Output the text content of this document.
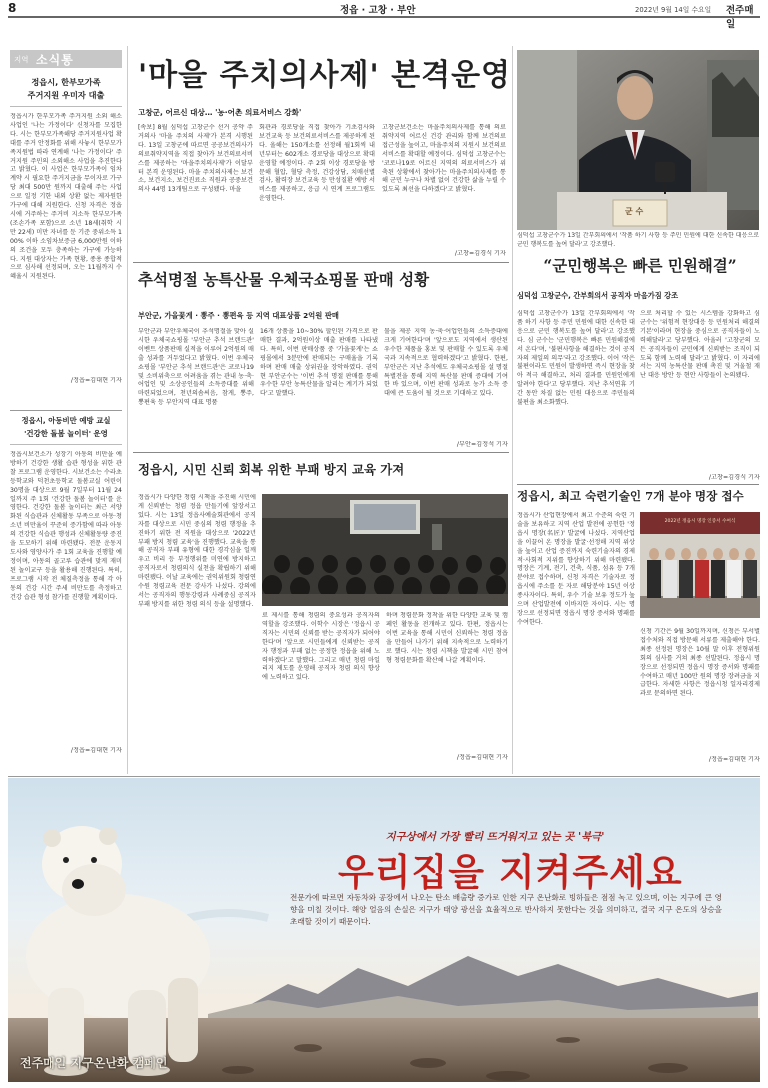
8	정읍 · 고창 · 부안	2022년 9월 14일 수요일 전주매일
지역 소식통
정읍시, 한부모가족
주거지원 우미자 대출
정읍시가 한부모가족 주거지원 소외 해소사업인 '나는 가정이다' 신청자를 모집한다. 시는 한부모가족해당 주거지원사업 확대를 주거 안정화를 위해 사놓시 한부모가족지원법 따라 연계해 '나는 가정이다' 주거지원 주민의 소외해소 사업을 추진한다고 밝혔다. 이 사업은 한부모가족이 임차계약 시 필요한 주거지금을 무이자로 가구당 최대 500만 원까지 대출해 주는 사업으로 일정 기한 내외 상환 없는 제자원한 가구에 대해 지원한다. 신청 자격은 정읍시에 거주하는 주거비 지소득 한부모가족(조손가족 포함)으로 소년 18세(취학 시 만 22세) 미만 자녀를 둔 기준 중위소득 100% 이하 소임차보증금 6,000만원 이하의 조건을 모두 충족하는 가구에 가능하다. 지원 대상자는 가족 현황, 종용 종합적으로 심사해 선정되며, 오는 11월까지 수혜율시 지원된다.
/정읍=김대현 기자
정읍시, 아동비만 예방 교실
'건강한 돌봄 놀이터' 운영
정읍시보건소가 성장기 아동의 비만을 예방하기 건강한 생활 습관 형성을 위한 관찰 프로그램 운영한다. 시보건소는 수라초등학교와 덕천초등학교 돌봄교실 어린이 30명을 대상으로 9월 7일부터 11월 24일까지 주 1회 '건강한 돌봄 놀이터'를 운영한다. 건강한 돌봄 놀이터는 최근 서양화된 식습관과 신체활동 부족으로 아동·청소년 비만율이 꾸준히 증가함에 따라 아동의 건강한 식습관 행성과 신체활동량 증진을 도모하기 위해 마련됐다. 전문 운동지도사와 영양사가 주 1회 교육을 진행할 예정이며, 아동의 골고루 습관에 맞게 재미된 놀이교구 등을 활용해 진행된다. 특히, 프로그램 시작 전 체질측정을 통해 각 아동의 건강 시간 주세 비만도를 측정하고 건강 습관 형성 참가를 진행할 계획이다.
/정읍=김대현 기자
'마을 주치의사제' 본격운영
고창군, 어르신 대상… '농·어촌 의료서비스 강화'
[속보] 8월 심덕섭 고창군수 선거 공약 주거의사 '마을 주치의 사제'가 본격 시행된다. 13일 고창군에 따르면 공공보건의사가 의료취약지역을 직접 찾아가 보건의료서비스를 제공하는 '마을주치의사제'가 이달부터 본격 운영된다. 마을 주치의사제는 보건소, 보건지소, 보건진료소 직원과 공중보건의사 44명 13개팀으로 구성됐다. 마을
회관과 경로당을 직접 찾아가 기초검사와 보건교육 등 보건의료서비스를 제공하게 된다. 올해는 150개소를 선정해 월1회씩 내년부터는 602개소 경로당을 대상으로 확대 운영할 예정이다. 주 2회 이상 경로당을 방문해 혈압, 혈당 측정, 건강상담, 치매선별검사, 활력장 보건교육 등 만성질환 예방 서비스를 제공하고, 응급 시 연계 프로그램도 운영한다.
고창군보건소는 마을주치의사제를 통해 의료 취약지역 어르신 건강 관리와 함께 보건의료 접근성을 높이고, 마을주치의 지원시 보건의료 서비스를 확대할 예정이다. 심덕섭 고창군수는 '코로나19로 어르신 지역의 의료서비스가 위축된 상황에서 찾아가는 마을주치의사제를 통해 군민 누구나 차별 없이 건강한 삶을 누릴 수 있도록 최선을 다하겠다'고 밝혔다.
/고창=김경식 기자
군 수
심덕섭 고창군수가 13일 간부회의에서 '작품 하기 사항 등 주민 민원에 대한 신속한 대응으로 군민 행복도를 높여 달라'고 강조했다.
추석명절 농특산물 우체국쇼핑몰 판매 성황
부안군, 가을꽃게 · 뽕주 · 뽕편육 등 지역 대표상품 2억원 판매
부안군과 부안우체국이 추석명절을 맞아 실시한 우체국쇼핑몰 '부안군 추석 브랜드관' 이벤트 상품판매 실적을 이루어 2억원의 매출 성과를 거두었다고 밝혔다. 이번 우체국쇼핑몰 '부안군 추석 브랜드관'은 코로나19 및 소비위축으로 어려움을 겪는 관내 농·축·어업인 및 소상공인들의 소득증대를 위해 마련되었으며, 천년의솜씨음, 참게, 뽕주, 뽕편육 등 부안지역 대표 명품
16개 상품을 10~30% 할인된 가격으로 판매한 결과, 2억원이상 매출 판매를 나타냈다. 특히, 이번 판매상품 중 '가을꽃게'는 쇼핑몰에서 3분만에 판매되는 구매율을 기록하며 판매 매출 상위권을 장악하였다. 권익현 부안군수는 '이번 추석 명절 판매를 통해 우수한 부안 농특산물을 알리는 계기가 되었다'고 말했다.
물을 제공 지역 농·축·어업인들의 소득증대에 크게 기여한다'며 '앞으로도 지역에서 생산된 우수한 제품을 홍보 및 판매할 수 있도록 우체국과 지속적으로 협력하겠다'고 밝혔다. 한편, 부안군은 지난 추석에도 우체국쇼핑몰 설 명절 특별전을 통해 지역 특산물 판매 증대에 기여한 바 있으며, 이번 판매 성과로 농가 소득 증대에 큰 도움이 될 것으로 기대하고 있다.
/부안=김정석 기자
“군민행복은 빠른 민원해결”
심덕섭 고창군수, 간부회의서 공직자 마음가짐 강조
심덕섭 고창군수가 13일 간부회의에서 '작품 하기 사항 등 주민 민원에 대한 신속한 대응으로 군민 행복도를 높여 달라'고 강조했다. 심 군수는 '군민행복은 빠른 민원해결에서 온다'며, '불편사항을 해결하는 것이 공직자의 제일의 의무'라고 강조했다. 이어 '작은 불편이라도 민원이 발생하면 즉시 현장을 찾아 적극 해결하고, 처리 결과를 민원인에게 알려야 한다'고 당부했다. 지난 추석연휴 기간 동안 차질 없는 민원 대응으로 주민들의 불편을 최소화했다.
으로 처리할 수 있는 시스템을 강화하고 심 군수는 '위험적 현장대응 등 민원처리 해결의 기본'이라며 현장을 중심으로 공직자들이 노력해달라'고 당부했다. 아울러 '고창군의 모든 공직자들이 군민에게 신뢰받는 조직이 되도록 함께 노력해 달라'고 밝혔다. 이 자리에서는 지역 농특산물 판매 촉진 및 겨울철 재난 대응 방안 등 현안 사항들이 논의됐다.
/고창=김경식 기자
정읍시, 시민 신뢰 회복 위한 부패 방지 교육 가져
정읍시가 다양한 청렴 시책을 추진해 시민에게 신뢰받는 청렴 정읍 만들기에 앞장서고 있다. 시는 13일 정읍사예술회관에서 공직자를 대상으로 시민 중심의 청렴 행정을 추진하기 위한 전 직원을 대상으로 '2022년 부패 방지 청렴 교육'을 진행했다. 교육을 통해 공직자 부패 유형에 대한 경각심을 일깨우고 비리 등 부정행위를 미연에 방지하고 공직자로서 청렴의식 실천을 확립하기 위해 마련됐다. 이날 교육에는 권익위원회 청렴연수원 청렴교육 전문 강사가 나섰다. 강의에서는 공직자의 행동강령과 사례중심 공직자 부패 방지를 위한 청렴 의식 등을 설명했다.
료 제시를 통해 청렴의 중요성과 공직자의 역할을 강조했다. 이학수 시장은 '정읍시 공직자는 시민의 신뢰를 받는 공직자가 되어야 한다'며 '앞으로 시민들에게 신뢰받는 공직자 행정과 부패 없는 공정한 정읍을 위해 노력하겠다'고 말했다. 그리고 매년 청렴 마일리지 제도를 운영해 공직자 청렴 의식 향상에 노력하고 있다.
하며 청렴문화 정착을 위한 다양한 교육 및 캠페인 활동을 전개하고 있다. 한편, 정읍시는 이번 교육을 통해 시민이 신뢰하는 청렴 정읍을 만들어 나가기 위해 지속적으로 노력하기로 했다. 시는 청렴 시책을 발굴해 시민 참여형 청렴문화를 확산해 나갈 계획이다.
/정읍=김대현 기자
정읍시, 최고 숙련기술인 7개 분야 명장 접수
정읍시가 산업현장에서 최고 수준의 숙련 기술을 보유하고 지역 산업 발전에 공헌한 '정읍시 명장(名匠)' 발굴에 나섰다. 지역산업을 이끌어 온 명장을 발굴·선정해 지역 위상을 높이고 산업 증진까지 숙련기술자의 경제적·사회적 지위를 향상하기 위해 마련됐다. 명장은 기계, 전기, 건축, 식품, 섬유 등 7개 분야로 접수하며, 신청 자격은 기술자로 정읍시에 주소를 둔 자로 해당분야 15년 이상 종사자이다. 특히, 우수 기술 보유 정도가 높으며 산업발전에 이바지한 자이다. 시는 명장으로 선정되면 정읍시 명장 증서와 명패를 수여한다.
2022년 정읍시 명장 인증서 수여식
신청 기간은 9월 30일까지며, 신청은 부서별 접수처와 직접 방문해 서류를 제출해야 한다. 최종 선정된 명장은 10월 말 이후 전형위원회의 심사를 거쳐 최종 선발된다. 정읍시 명장으로 선정되면 정읍시 명장 증서와 명패를 수여하고 매년 100만 원의 명장 장려금을 지급한다. 자세한 사항은 정읍시청 일자리경제과로 문의하면 된다.
/정읍=김대현 기자
지구상에서 가장 빨리 뜨거워지고 있는 곳 '북극'
우리집을 지켜주세요
전문가에 따르면 자동차와 공장에서 나오는 탄소 배출량 증가로 인한 지구 온난화로 빙하들은 점점 녹고 있으며, 이는 지구에 큰 영향을 미칠 것이다. 해양 얼음의 손실은 지구가 태양 광선을 효율적으로 반사하지 못한다는 것을 의미하고, 결국 지구 온도의 상승을 초래할 것이기 때문이다.
전주매일 지구온난화 캠페인
